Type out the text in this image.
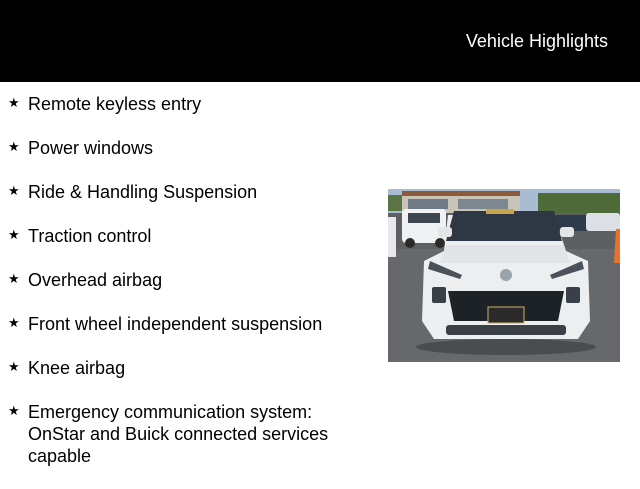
Vehicle Highlights
★ Remote keyless entry
★ Power windows
★ Ride & Handling Suspension
★ Traction control
★ Overhead airbag
★ Front wheel independent suspension
★ Knee airbag
★ Emergency communication system: OnStar and Buick connected services capable
